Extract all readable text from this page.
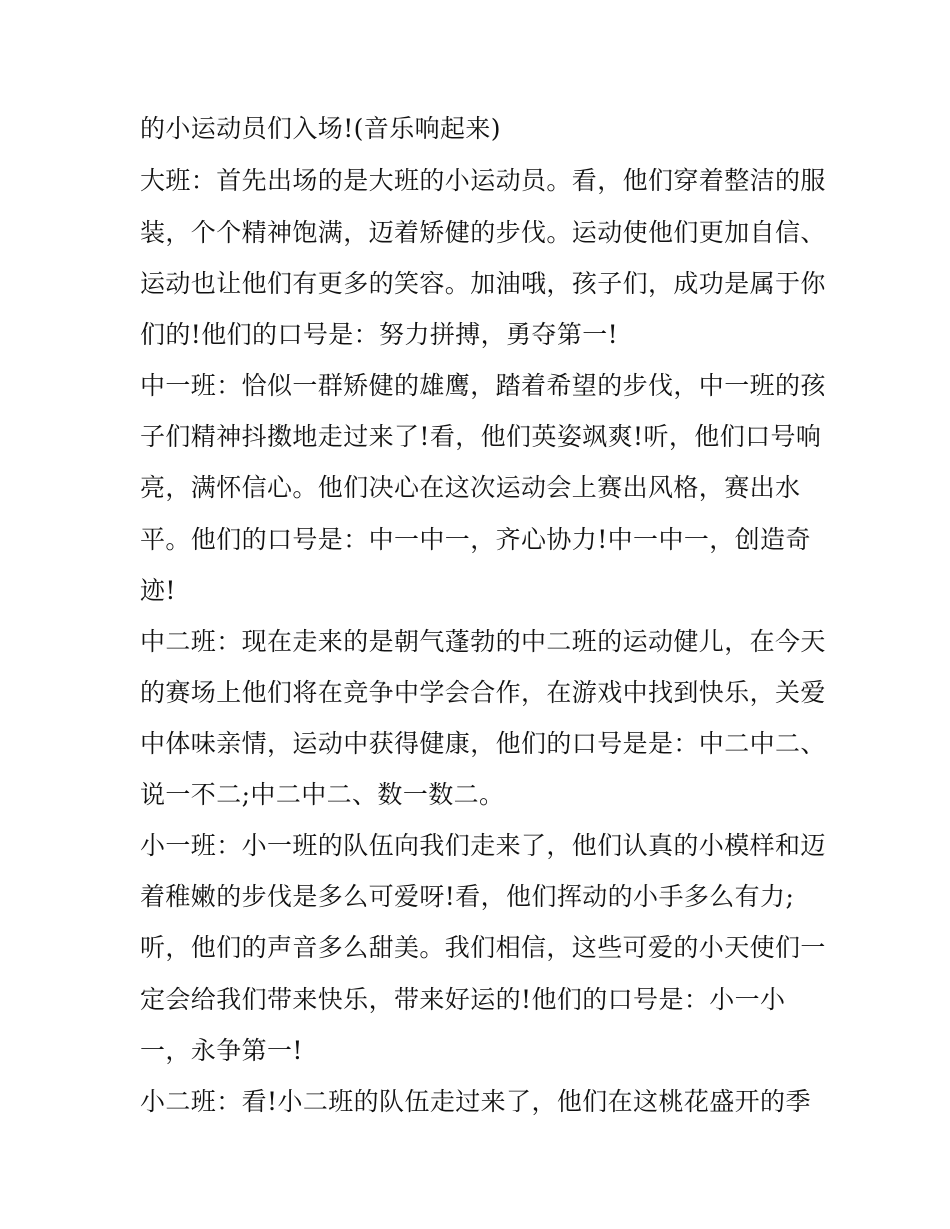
的小运动员们入场!(音乐响起来)
大班：首先出场的是大班的小运动员。看，他们穿着整洁的服
装，个个精神饱满，迈着矫健的步伐。运动使他们更加自信、
运动也让他们有更多的笑容。加油哦，孩子们，成功是属于你
们的!他们的口号是：努力拼搏，勇夺第一!
中一班：恰似一群矫健的雄鹰，踏着希望的步伐，中一班的孩
子们精神抖擞地走过来了!看，他们英姿飒爽!听，他们口号响
亮，满怀信心。他们决心在这次运动会上赛出风格，赛出水
平。他们的口号是：中一中一，齐心协力!中一中一，创造奇
迹!
中二班：现在走来的是朝气蓬勃的中二班的运动健儿，在今天
的赛场上他们将在竞争中学会合作，在游戏中找到快乐，关爱
中体味亲情，运动中获得健康，他们的口号是是：中二中二、
说一不二;中二中二、数一数二。
小一班：小一班的队伍向我们走来了，他们认真的小模样和迈
着稚嫩的步伐是多么可爱呀!看，他们挥动的小手多么有力;
听，他们的声音多么甜美。我们相信，这些可爱的小天使们一
定会给我们带来快乐，带来好运的!他们的口号是：小一小
一，永争第一!
小二班：看!小二班的队伍走过来了，他们在这桃花盛开的季
